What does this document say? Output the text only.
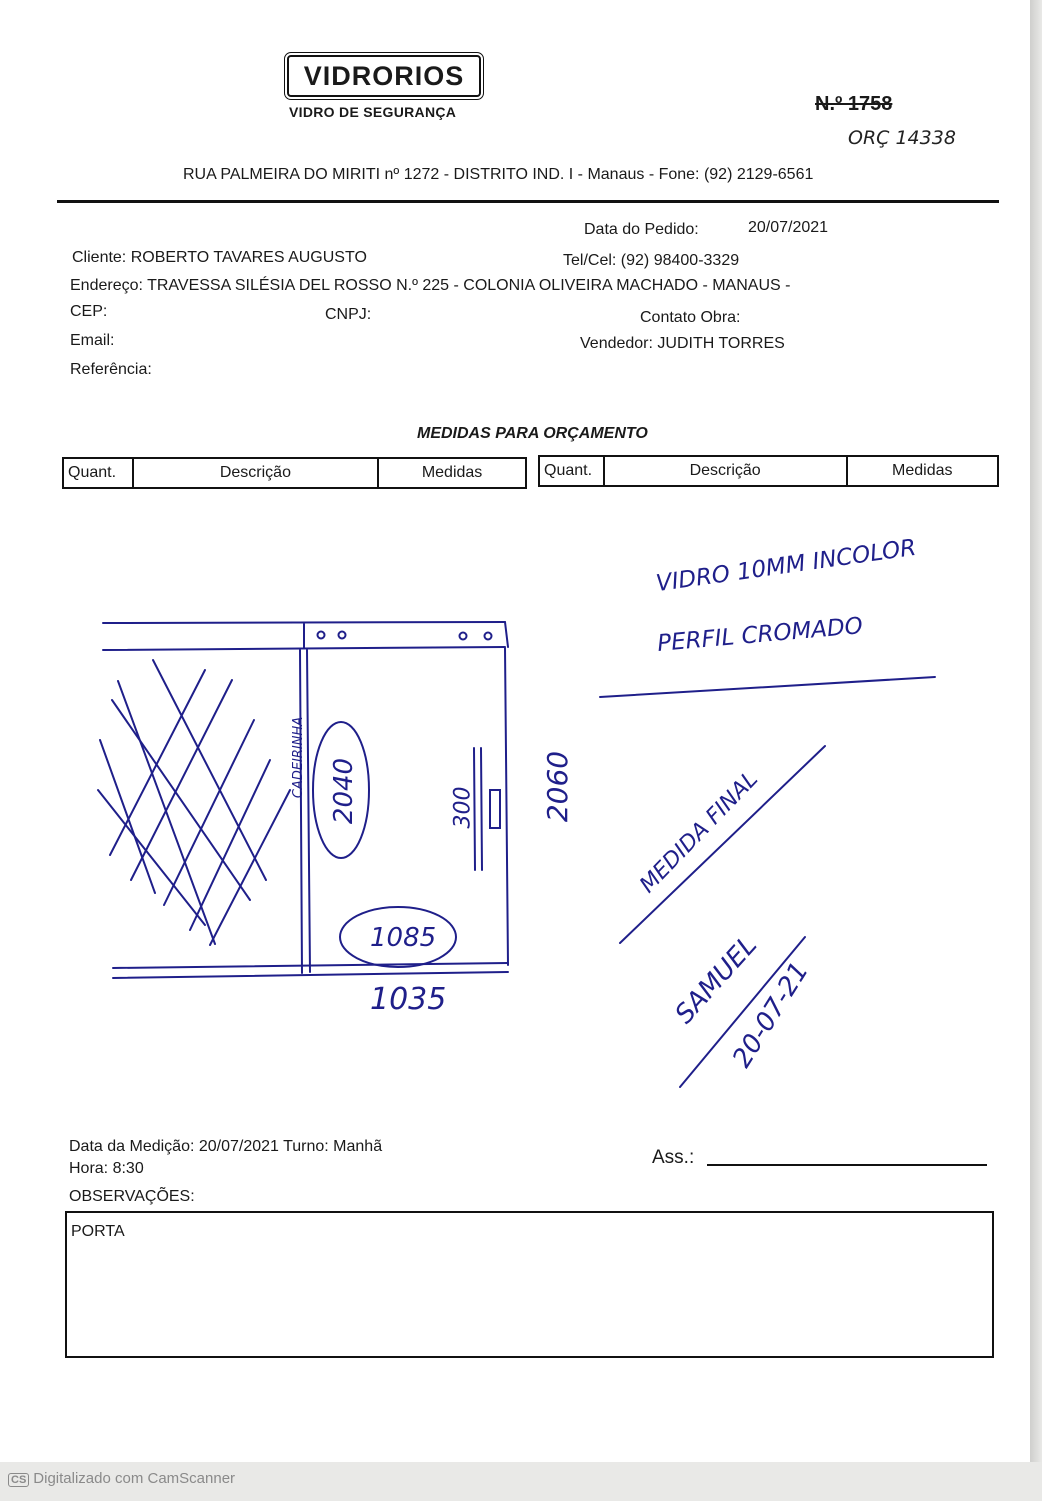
VIDRORIOS
VIDRO DE SEGURANÇA	N.º 1758
ORÇ 14338
RUA PALMEIRA DO MIRITI nº 1272 - DISTRITO IND. I - Manaus - Fone: (92) 2129-6561
Data do Pedido:	20/07/2021
Cliente: ROBERTO TAVARES AUGUSTO	Tel/Cel: (92) 98400-3329
Endereço: TRAVESSA SILÉSIA DEL ROSSO N.º 225 - COLONIA OLIVEIRA MACHADO - MANAUS -
CEP:	CNPJ:	Contato Obra:
Email:	Vendedor: JUDITH TORRES
Referência:
MEDIDAS PARA ORÇAMENTO
Quant.	Descrição	Medidas	Quant.	Descrição	Medidas
VIDRO 10MM INCOLOR
PERFIL CROMADO
CADEIRINHA 2040	2060
300
1085
1035
MEDIDA FINAL
SAMUEL
20-07-21
Data da Medição: 20/07/2021 Turno: Manhã
Hora: 8:30
Ass.:
OBSERVAÇÕES:
PORTA
CS Digitalizado com CamScanner
